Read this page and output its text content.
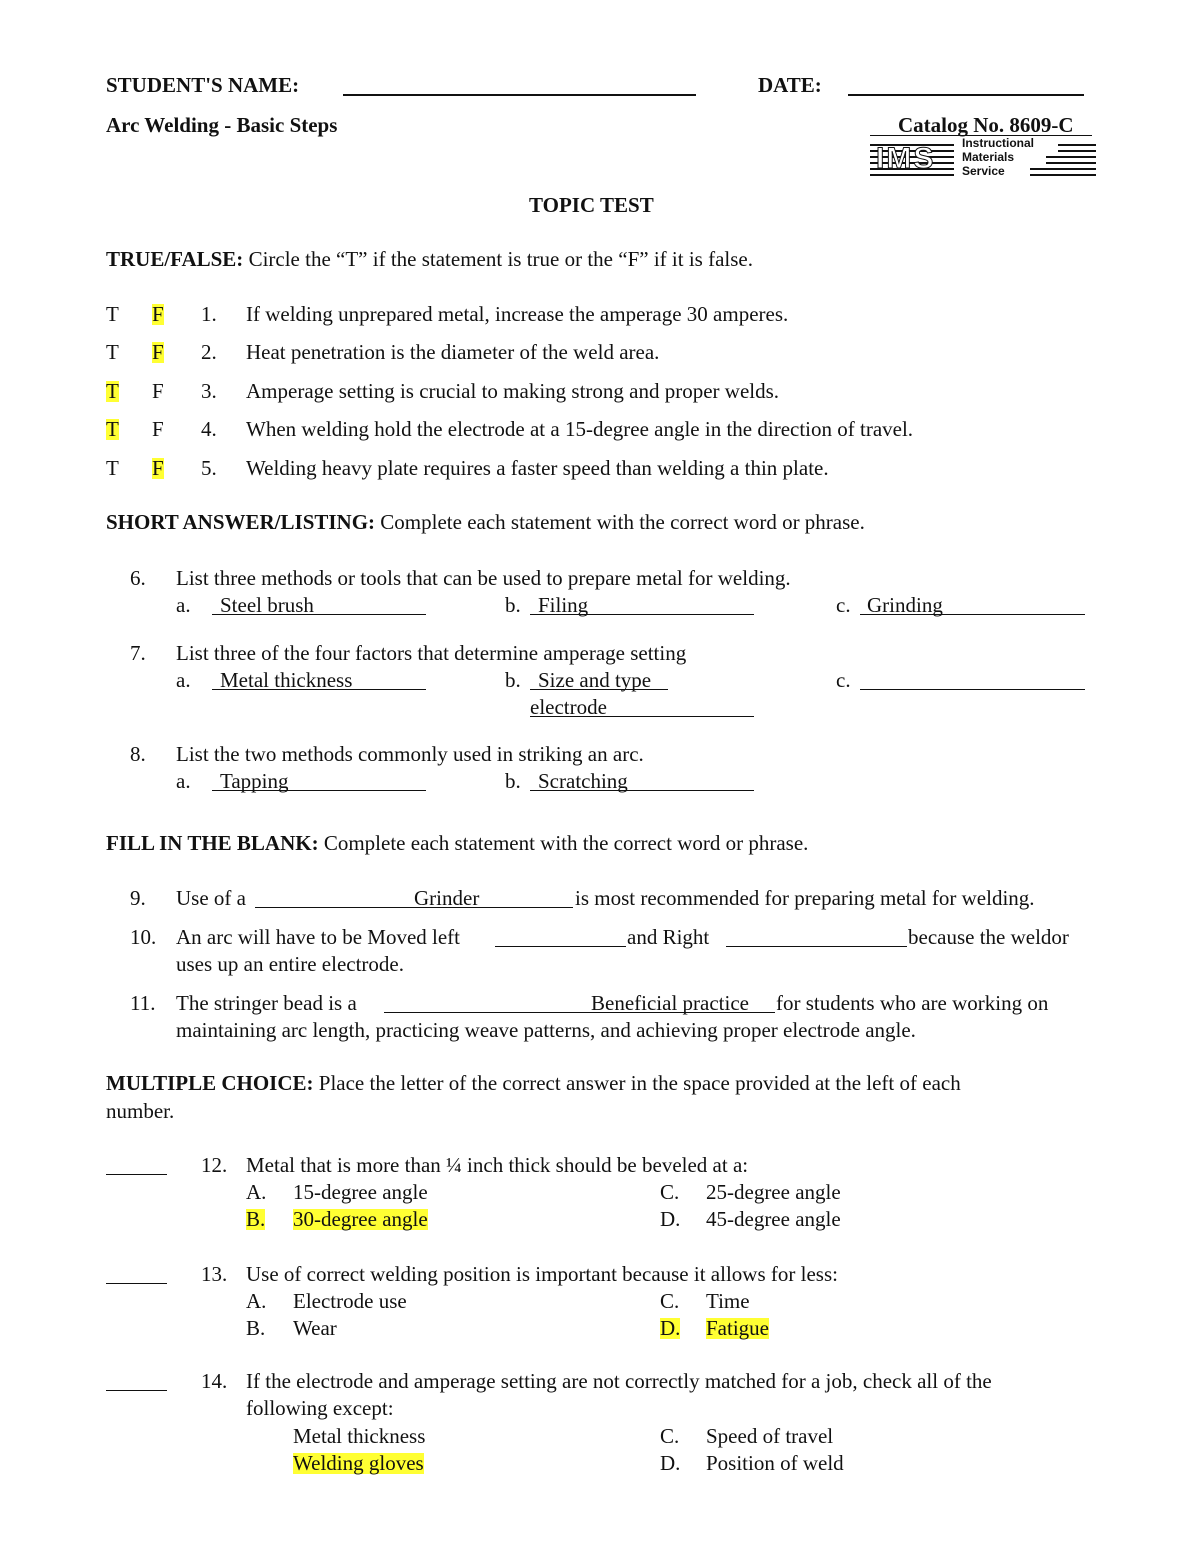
STUDENT'S NAME:	DATE:
Arc Welding - Basic Steps	Catalog No. 8609-C
IMS Instructional
Materials
Service
TOPIC TEST
TRUE/FALSE: Circle the “T” if the statement is true or the “F” if it is false.
T F 1. If welding unprepared metal, increase the amperage 30 amperes.
T F 2. Heat penetration is the diameter of the weld area.
T F 3. Amperage setting is crucial to making strong and proper welds.
T F 4. When welding hold the electrode at a 15-degree angle in the direction of travel.
T F 5. Welding heavy plate requires a faster speed than welding a thin plate.
SHORT ANSWER/LISTING: Complete each statement with the correct word or phrase.
6. List three methods or tools that can be used to prepare metal for welding.
a. Steel brush	b. Filing	c. Grinding
7. List three of the four factors that determine amperage setting
a. Metal thickness	b. Size and type
electrode
c.
8. List the two methods commonly used in striking an arc.
a. Tapping	b. Scratching
FILL IN THE BLANK: Complete each statement with the correct word or phrase.
9. Use of a	Grinder	is most recommended for preparing metal for welding.
10. An arc will have to be Moved left	and Right	because the weldor
uses up an entire electrode.
11. The stringer bead is a	Beneficial practice for students who are working on
maintaining arc length, practicing weave patterns, and achieving proper electrode angle.
MULTIPLE CHOICE: Place the letter of the correct answer in the space provided at the left of each
number.
12. Metal that is more than ¼ inch thick should be beveled at a:
A. 15-degree angle
B. 30-degree angle
C. 25-degree angle
D. 45-degree angle
13. Use of correct welding position is important because it allows for less:
A. Electrode use
B. Wear
C. Time
D. Fatigue
14. If the electrode and amperage setting are not correctly matched for a job, check all of the
following except:
Metal thickness
Welding gloves
C. Speed of travel
D. Position of weld
